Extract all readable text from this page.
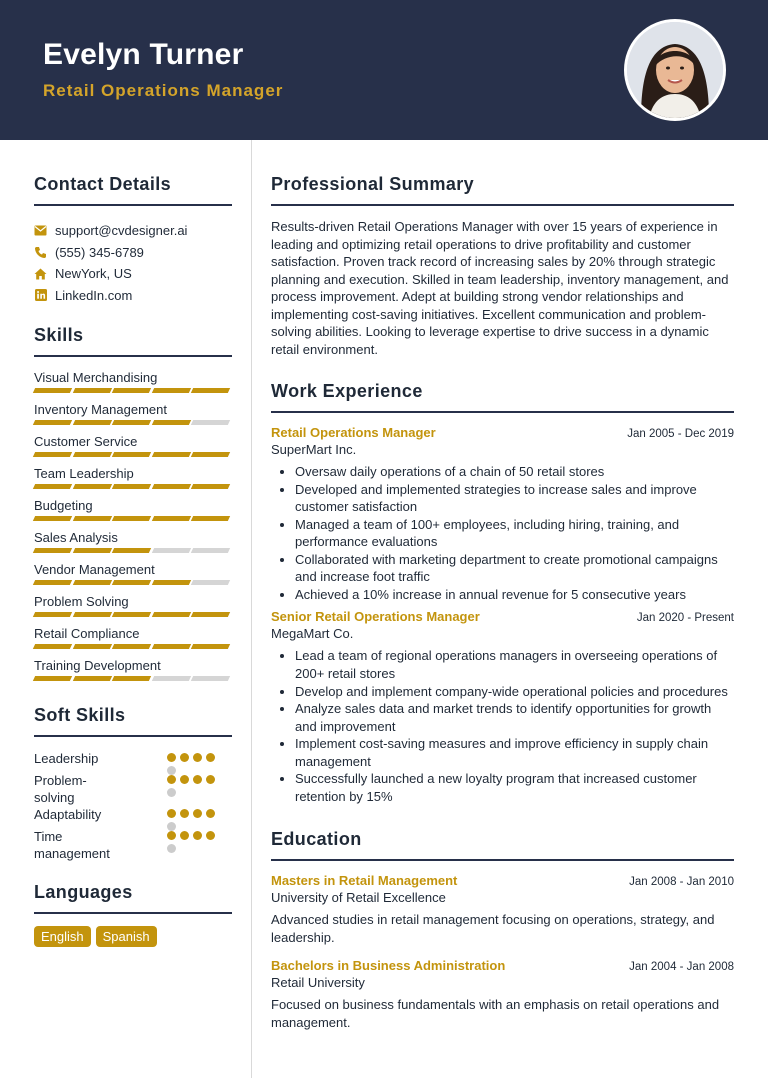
Evelyn Turner
Retail Operations Manager
Contact Details
support@cvdesigner.ai
(555) 345-6789
NewYork, US
LinkedIn.com
Skills
Visual Merchandising
Inventory Management
Customer Service
Team Leadership
Budgeting
Sales Analysis
Vendor Management
Problem Solving
Retail Compliance
Training Development
Soft Skills
Leadership
Problem-solving
Adaptability
Time management
Languages
English	Spanish
Professional Summary
Results-driven Retail Operations Manager with over 15 years of experience in leading and optimizing retail operations to drive profitability and customer satisfaction. Proven track record of increasing sales by 20% through strategic planning and execution. Skilled in team leadership, inventory management, and process improvement. Adept at building strong vendor relationships and implementing cost-saving initiatives. Excellent communication and problem-solving abilities. Looking to leverage expertise to drive success in a dynamic retail environment.
Work Experience
Retail Operations Manager	Jan 2005 - Dec 2019
SuperMart Inc.
• Oversaw daily operations of a chain of 50 retail stores
• Developed and implemented strategies to increase sales and improve customer satisfaction
• Managed a team of 100+ employees, including hiring, training, and performance evaluations
• Collaborated with marketing department to create promotional campaigns and increase foot traffic
• Achieved a 10% increase in annual revenue for 5 consecutive years
Senior Retail Operations Manager	Jan 2020 - Present
MegaMart Co.
• Lead a team of regional operations managers in overseeing operations of 200+ retail stores
• Develop and implement company-wide operational policies and procedures
• Analyze sales data and market trends to identify opportunities for growth and improvement
• Implement cost-saving measures and improve efficiency in supply chain management
• Successfully launched a new loyalty program that increased customer retention by 15%
Education
Masters in Retail Management	Jan 2008 - Jan 2010
University of Retail Excellence
Advanced studies in retail management focusing on operations, strategy, and leadership.
Bachelors in Business Administration	Jan 2004 - Jan 2008
Retail University
Focused on business fundamentals with an emphasis on retail operations and management.
